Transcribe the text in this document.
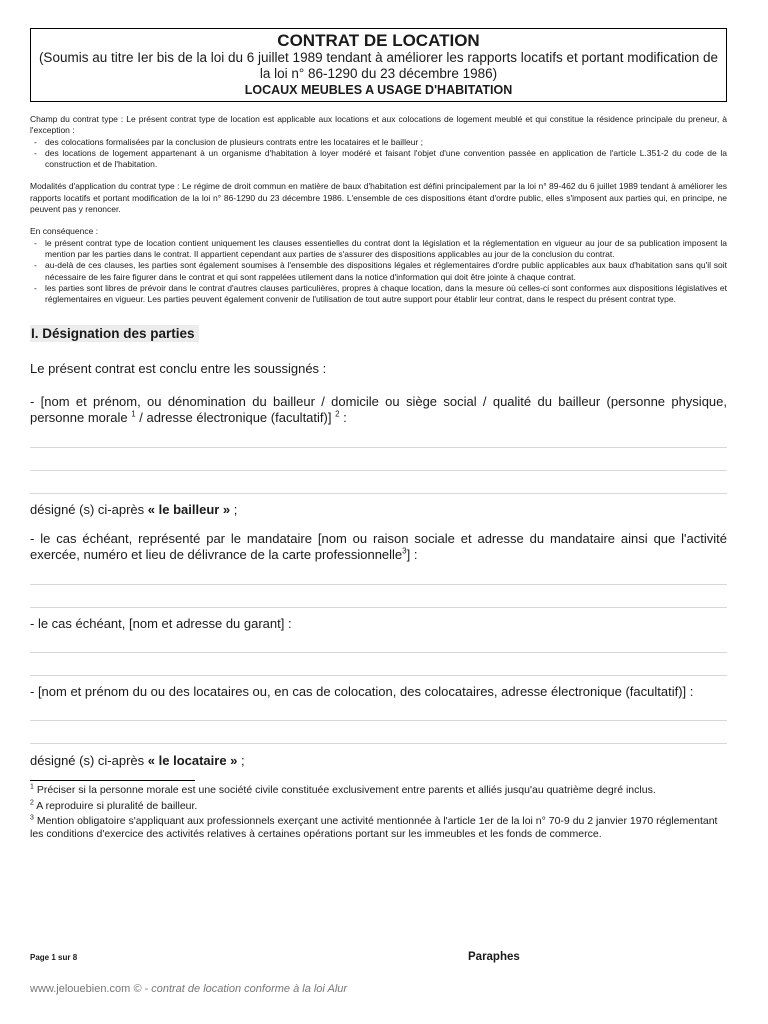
CONTRAT DE LOCATION
(Soumis au titre Ier bis de la loi du 6 juillet 1989 tendant à améliorer les rapports locatifs et portant modification de la loi n° 86-1290 du 23 décembre 1986)
LOCAUX MEUBLES A USAGE D'HABITATION

Champ du contrat type : Le présent contrat type de location est applicable aux locations et aux colocations de logement meublé et qui constitue la résidence principale du preneur, à l'exception :

- des colocations formalisées par la conclusion de plusieurs contrats entre les locataires et le bailleur ;
- des locations de logement appartenant à un organisme d'habitation à loyer modéré et faisant l'objet d'une convention passée en application de l'article L.351-2 du code de la construction et de l'habitation.

Modalités d'application du contrat type : Le régime de droit commun en matière de baux d'habitation est défini principalement par la loi n° 89-462 du 6 juillet 1989 tendant à améliorer les rapports locatifs et portant modification de la loi n° 86-1290 du 23 décembre 1986. L'ensemble de ces dispositions étant d'ordre public, elles s'imposent aux parties qui, en principe, ne peuvent pas y renoncer.

En conséquence :

- le présent contrat type de location contient uniquement les clauses essentielles du contrat dont la législation et la réglementation en vigueur au jour de sa publication imposent la mention par les parties dans le contrat. Il appartient cependant aux parties de s'assurer des dispositions applicables au jour de la conclusion du contrat.
- au-delà de ces clauses, les parties sont également soumises à l'ensemble des dispositions légales et réglementaires d'ordre public applicables aux baux d'habitation sans qu'il soit nécessaire de les faire figurer dans le contrat et qui sont rappelées utilement dans la notice d'information qui doit être jointe à chaque contrat.
- les parties sont libres de prévoir dans le contrat d'autres clauses particulières, propres à chaque location, dans la mesure où celles-ci sont conformes aux dispositions législatives et réglementaires en vigueur. Les parties peuvent également convenir de l'utilisation de tout autre support pour établir leur contrat, dans le respect du présent contrat type.
I. Désignation des parties

Le présent contrat est conclu entre les soussignés :

- [nom et prénom, ou dénomination du bailleur / domicile ou siège social / qualité du bailleur (personne physique, personne morale $^1$ / adresse électronique (facultatif)] $^2$ :

désigné (s) ci-après « le bailleur » ;

- le cas échéant, représenté par le mandataire [nom ou raison sociale et adresse du mandataire ainsi que l'activité exercée, numéro et lieu de délivrance de la carte professionnelle$^3$] :

- le cas échéant, [nom et adresse du garant] :

- [nom et prénom du ou des locataires ou, en cas de colocation, des colocataires, adresse électronique (facultatif)] :

désigné (s) ci-après « le locataire » ;

$^1$ Préciser si la personne morale est une société civile constituée exclusivement entre parents et alliés jusqu'au quatrième degré inclus.

$^2$ A reproduire si pluralité de bailleur.

$^3$ Mention obligatoire s'appliquant aux professionnels exerçant une activité mentionnée à l'article 1er de la loi n° 70-9 du 2 janvier 1970 réglementant les conditions d'exercice des activités relatives à certaines opérations portant sur les immeubles et les fonds de commerce.

Page 1 sur 8	Paraphes
www.jelouebien.com © - contrat de location conforme à la loi Alur
